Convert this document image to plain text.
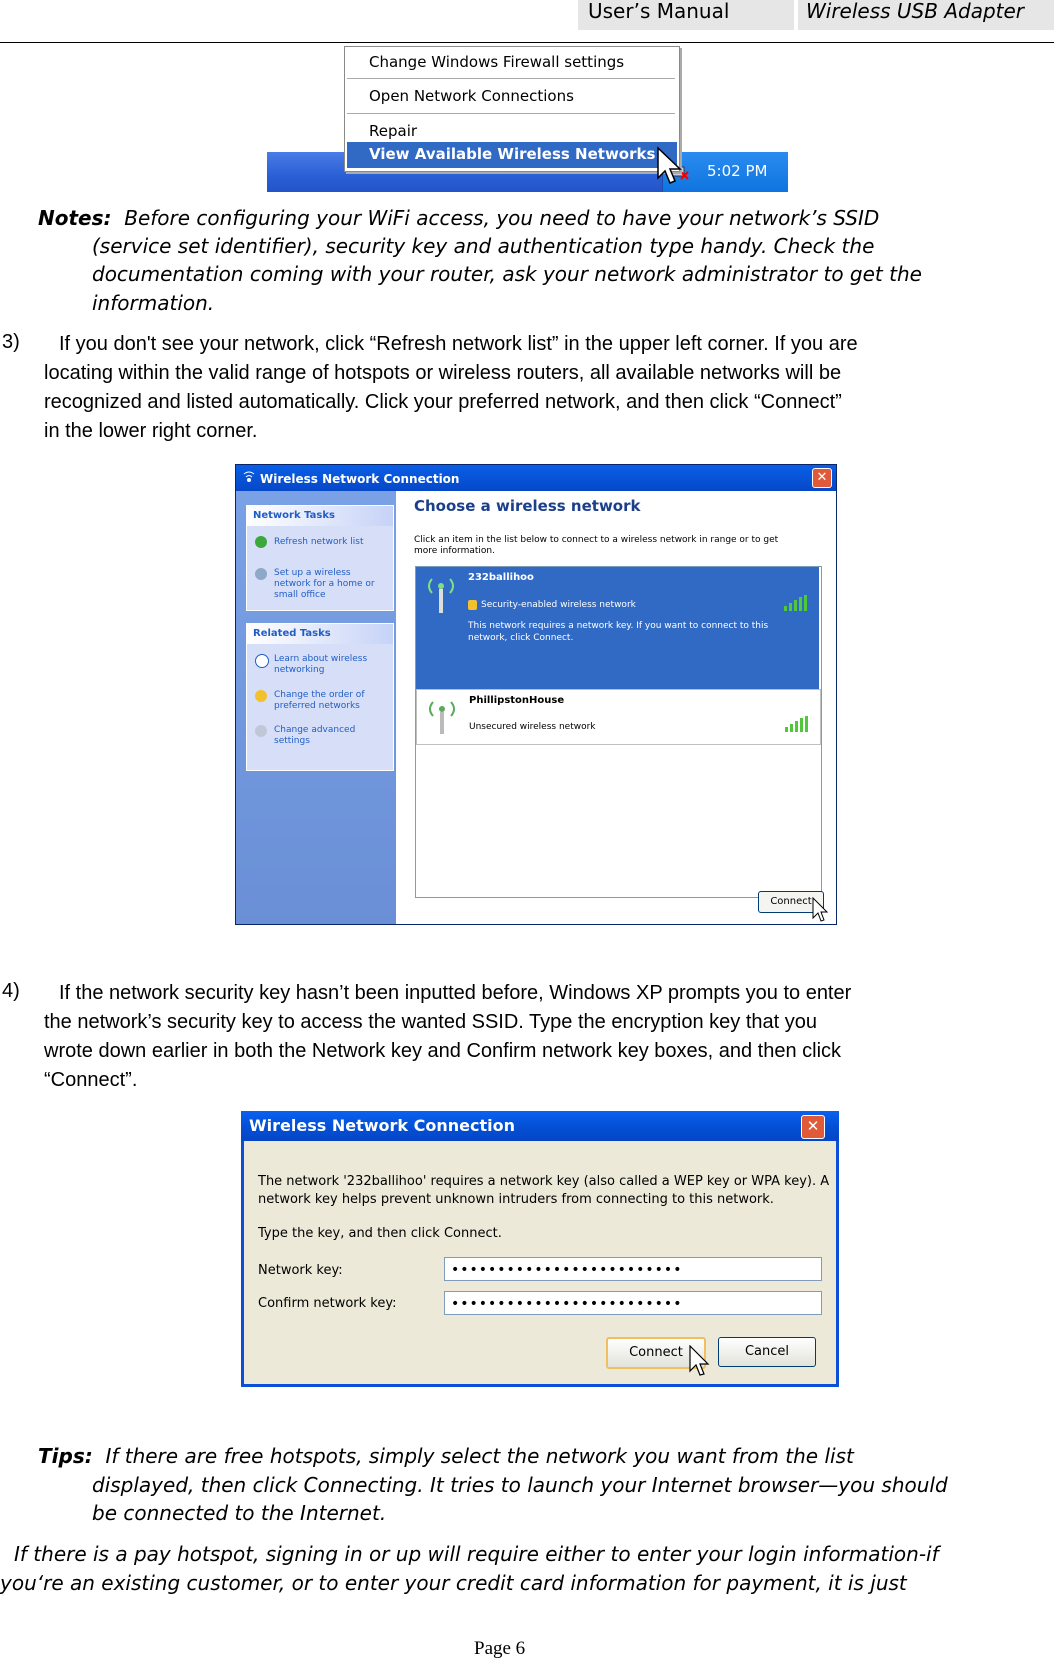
User’s Manual	Wireless USB Adapter
5:02 PM
Change Windows Firewall settings
Open Network Connections
Repair
View Available Wireless Networks
Notes: Before configuring your WiFi access, you need to have your network’s SSID
(service set identifier), security key and authentication type handy. Check the
documentation coming with your router, ask your network administrator to get the
information.
3) If you don't see your network, click “Refresh network list” in the upper left corner. If you are
locating within the valid range of hotspots or wireless routers, all available networks will be
recognized and listed automatically. Click your preferred network, and then click “Connect”
in the lower right corner.
Wireless Network Connection	✕
Network Tasks
Refresh network list
Set up a wireless network for a home or small office
Related Tasks
Learn about wireless networking
Change the order of preferred networks
Change advanced settings
Choose a wireless network
Click an item in the list below to connect to a wireless network in range or to get more information.
232ballihoo
Security-enabled wireless network
This network requires a network key. If you want to connect to this network, click Connect.
PhillipstonHouse
Unsecured wireless network
Connect
4) If the network security key hasn’t been inputted before, Windows XP prompts you to enter
the network’s security key to access the wanted SSID. Type the encryption key that you
wrote down earlier in both the Network key and Confirm network key boxes, and then click
“Connect”.
Wireless Network Connection	✕
The network '232ballihoo' requires a network key (also called a WEP key or WPA key). A
network key helps prevent unknown intruders from connecting to this network.
Type the key, and then click Connect.
Network key:	•••••••••••••••••••••••••
Confirm network key:	•••••••••••••••••••••••••
Connect	Cancel
Tips: If there are free hotspots, simply select the network you want from the list
displayed, then click Connecting. It tries to launch your Internet browser—you should
be connected to the Internet.
If there is a pay hotspot, signing in or up will require either to enter your login information-if
you‘re an existing customer, or to enter your credit card information for payment, it is just
Page 6
